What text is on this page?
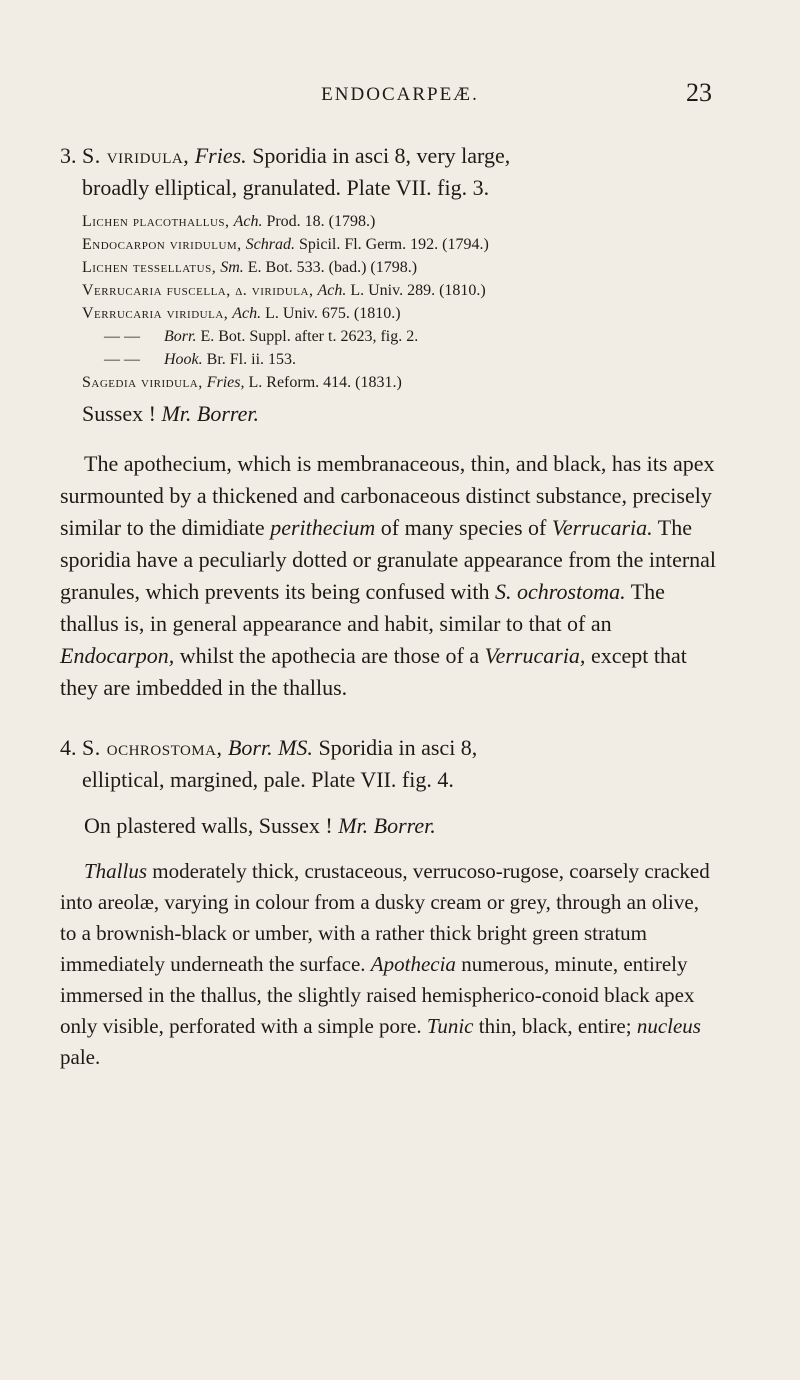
ENDOCARPEÆ.	23

3. S. viridula, Fries. Sporidia in asci 8, very large,
broadly elliptical, granulated. Plate VII. fig. 3.

Lichen placothallus, Ach. Prod. 18. (1798.)

Endocarpon viridulum, Schrad. Spicil. Fl. Germ. 192. (1794.)

Lichen tessellatus, Sm. E. Bot. 533. (bad.) (1798.)

Verrucaria fuscella, δ. viridula, Ach. L. Univ. 289. (1810.)

Verrucaria viridula, Ach. L. Univ. 675. (1810.)

— — Borr. E. Bot. Suppl. after t. 2623, fig. 2.

— — Hook. Br. Fl. ii. 153.

Sagedia viridula, Fries, L. Reform. 414. (1831.)

Sussex ! Mr. Borrer.

The apothecium, which is membranaceous, thin, and black, has its apex surmounted by a thickened and carbonaceous distinct substance, precisely similar to the dimidiate perithecium of many species of Verrucaria. The sporidia have a peculiarly dotted or granulate appearance from the internal granules, which prevents its being confused with S. ochrostoma. The thallus is, in general appearance and habit, similar to that of an Endocarpon, whilst the apothecia are those of a Verrucaria, except that they are imbedded in the thallus.

4. S. ochrostoma, Borr. MS. Sporidia in asci 8,
elliptical, margined, pale. Plate VII. fig. 4.

On plastered walls, Sussex ! Mr. Borrer.

Thallus moderately thick, crustaceous, verrucoso-rugose, coarsely cracked into areolæ, varying in colour from a dusky cream or grey, through an olive, to a brownish-black or umber, with a rather thick bright green stratum immediately underneath the surface. Apothecia numerous, minute, entirely immersed in the thallus, the slightly raised hemispherico-conoid black apex only visible, perforated with a simple pore. Tunic thin, black, entire; nucleus pale.
